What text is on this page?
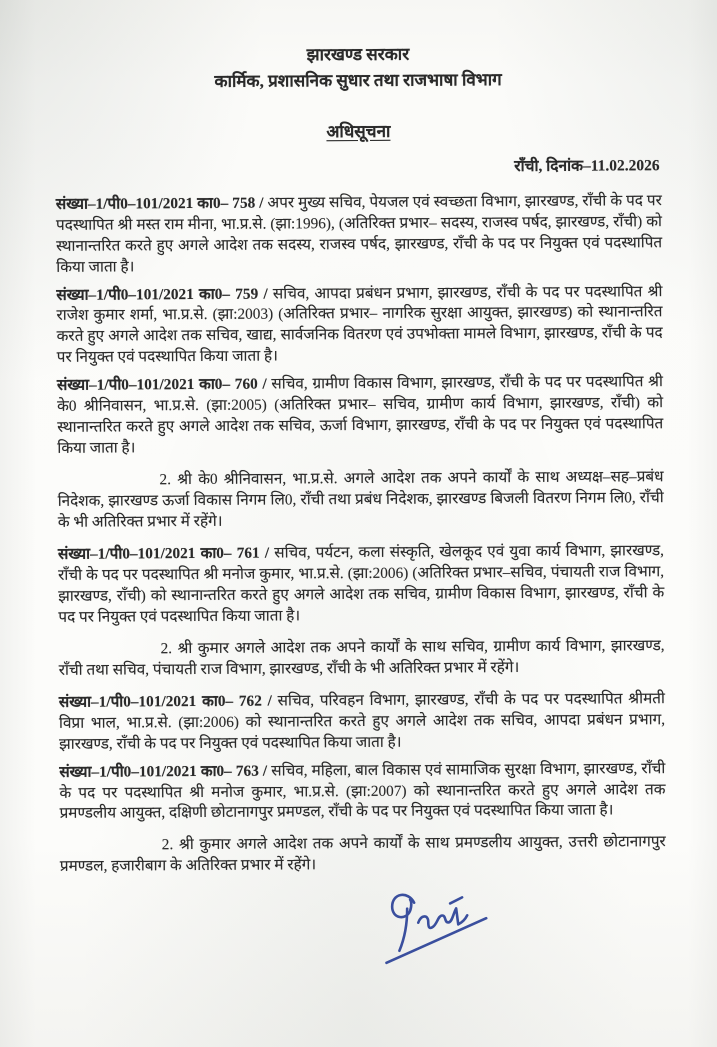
झारखण्ड सरकार
कार्मिक, प्रशासनिक सुधार तथा राजभाषा विभाग
अधिसूचना
राँची, दिनांक–11.02.2026

संख्या–1/पी0–101/2021 का0– 758 / अपर मुख्य सचिव, पेयजल एवं स्वच्छता विभाग, झारखण्ड, राँची के पद पर पदस्थापित श्री मस्त राम मीना, भा.प्र.से. (झा:1996), (अतिरिक्त प्रभार– सदस्य, राजस्व पर्षद, झारखण्ड, राँची) को स्थानान्तरित करते हुए अगले आदेश तक सदस्य, राजस्व पर्षद, झारखण्ड, राँची के पद पर नियुक्त एवं पदस्थापित किया जाता है।

संख्या–1/पी0–101/2021 का0– 759 / सचिव, आपदा प्रबंधन प्रभाग, झारखण्ड, राँची के पद पर पदस्थापित श्री राजेश कुमार शर्मा, भा.प्र.से. (झा:2003) (अतिरिक्त प्रभार– नागरिक सुरक्षा आयुक्त, झारखण्ड) को स्थानान्तरित करते हुए अगले आदेश तक सचिव, खाद्य, सार्वजनिक वितरण एवं उपभोक्ता मामले विभाग, झारखण्ड, राँची के पद पर नियुक्त एवं पदस्थापित किया जाता है।

संख्या–1/पी0–101/2021 का0– 760 / सचिव, ग्रामीण विकास विभाग, झारखण्ड, राँची के पद पर पदस्थापित श्री के0 श्रीनिवासन, भा.प्र.से. (झा:2005) (अतिरिक्त प्रभार– सचिव, ग्रामीण कार्य विभाग, झारखण्ड, राँची) को स्थानान्तरित करते हुए अगले आदेश तक सचिव, ऊर्जा विभाग, झारखण्ड, राँची के पद पर नियुक्त एवं पदस्थापित किया जाता है।

2. श्री के0 श्रीनिवासन, भा.प्र.से. अगले आदेश तक अपने कार्यों के साथ अध्यक्ष–सह–प्रबंध निदेशक, झारखण्ड ऊर्जा विकास निगम लि0, राँची तथा प्रबंध निदेशक, झारखण्ड बिजली वितरण निगम लि0, राँची के भी अतिरिक्त प्रभार में रहेंगे।

संख्या–1/पी0–101/2021 का0– 761 / सचिव, पर्यटन, कला संस्कृति, खेलकूद एवं युवा कार्य विभाग, झारखण्ड, राँची के पद पर पदस्थापित श्री मनोज कुमार, भा.प्र.से. (झा:2006) (अतिरिक्त प्रभार–सचिव, पंचायती राज विभाग, झारखण्ड, राँची) को स्थानान्तरित करते हुए अगले आदेश तक सचिव, ग्रामीण विकास विभाग, झारखण्ड, राँची के पद पर नियुक्त एवं पदस्थापित किया जाता है।

2. श्री कुमार अगले आदेश तक अपने कार्यों के साथ सचिव, ग्रामीण कार्य विभाग, झारखण्ड, राँची तथा सचिव, पंचायती राज विभाग, झारखण्ड, राँची के भी अतिरिक्त प्रभार में रहेंगे।

संख्या–1/पी0–101/2021 का0– 762 / सचिव, परिवहन विभाग, झारखण्ड, राँची के पद पर पदस्थापित श्रीमती विप्रा भाल, भा.प्र.से. (झा:2006) को स्थानान्तरित करते हुए अगले आदेश तक सचिव, आपदा प्रबंधन प्रभाग, झारखण्ड, राँची के पद पर नियुक्त एवं पदस्थापित किया जाता है।

संख्या–1/पी0–101/2021 का0– 763 / सचिव, महिला, बाल विकास एवं सामाजिक सुरक्षा विभाग, झारखण्ड, राँची के पद पर पदस्थापित श्री मनोज कुमार, भा.प्र.से. (झा:2007) को स्थानान्तरित करते हुए अगले आदेश तक प्रमण्डलीय आयुक्त, दक्षिणी छोटानागपुर प्रमण्डल, राँची के पद पर नियुक्त एवं पदस्थापित किया जाता है।

2. श्री कुमार अगले आदेश तक अपने कार्यों के साथ प्रमण्डलीय आयुक्त, उत्तरी छोटानागपुर प्रमण्डल, हजारीबाग के अतिरिक्त प्रभार में रहेंगे।
